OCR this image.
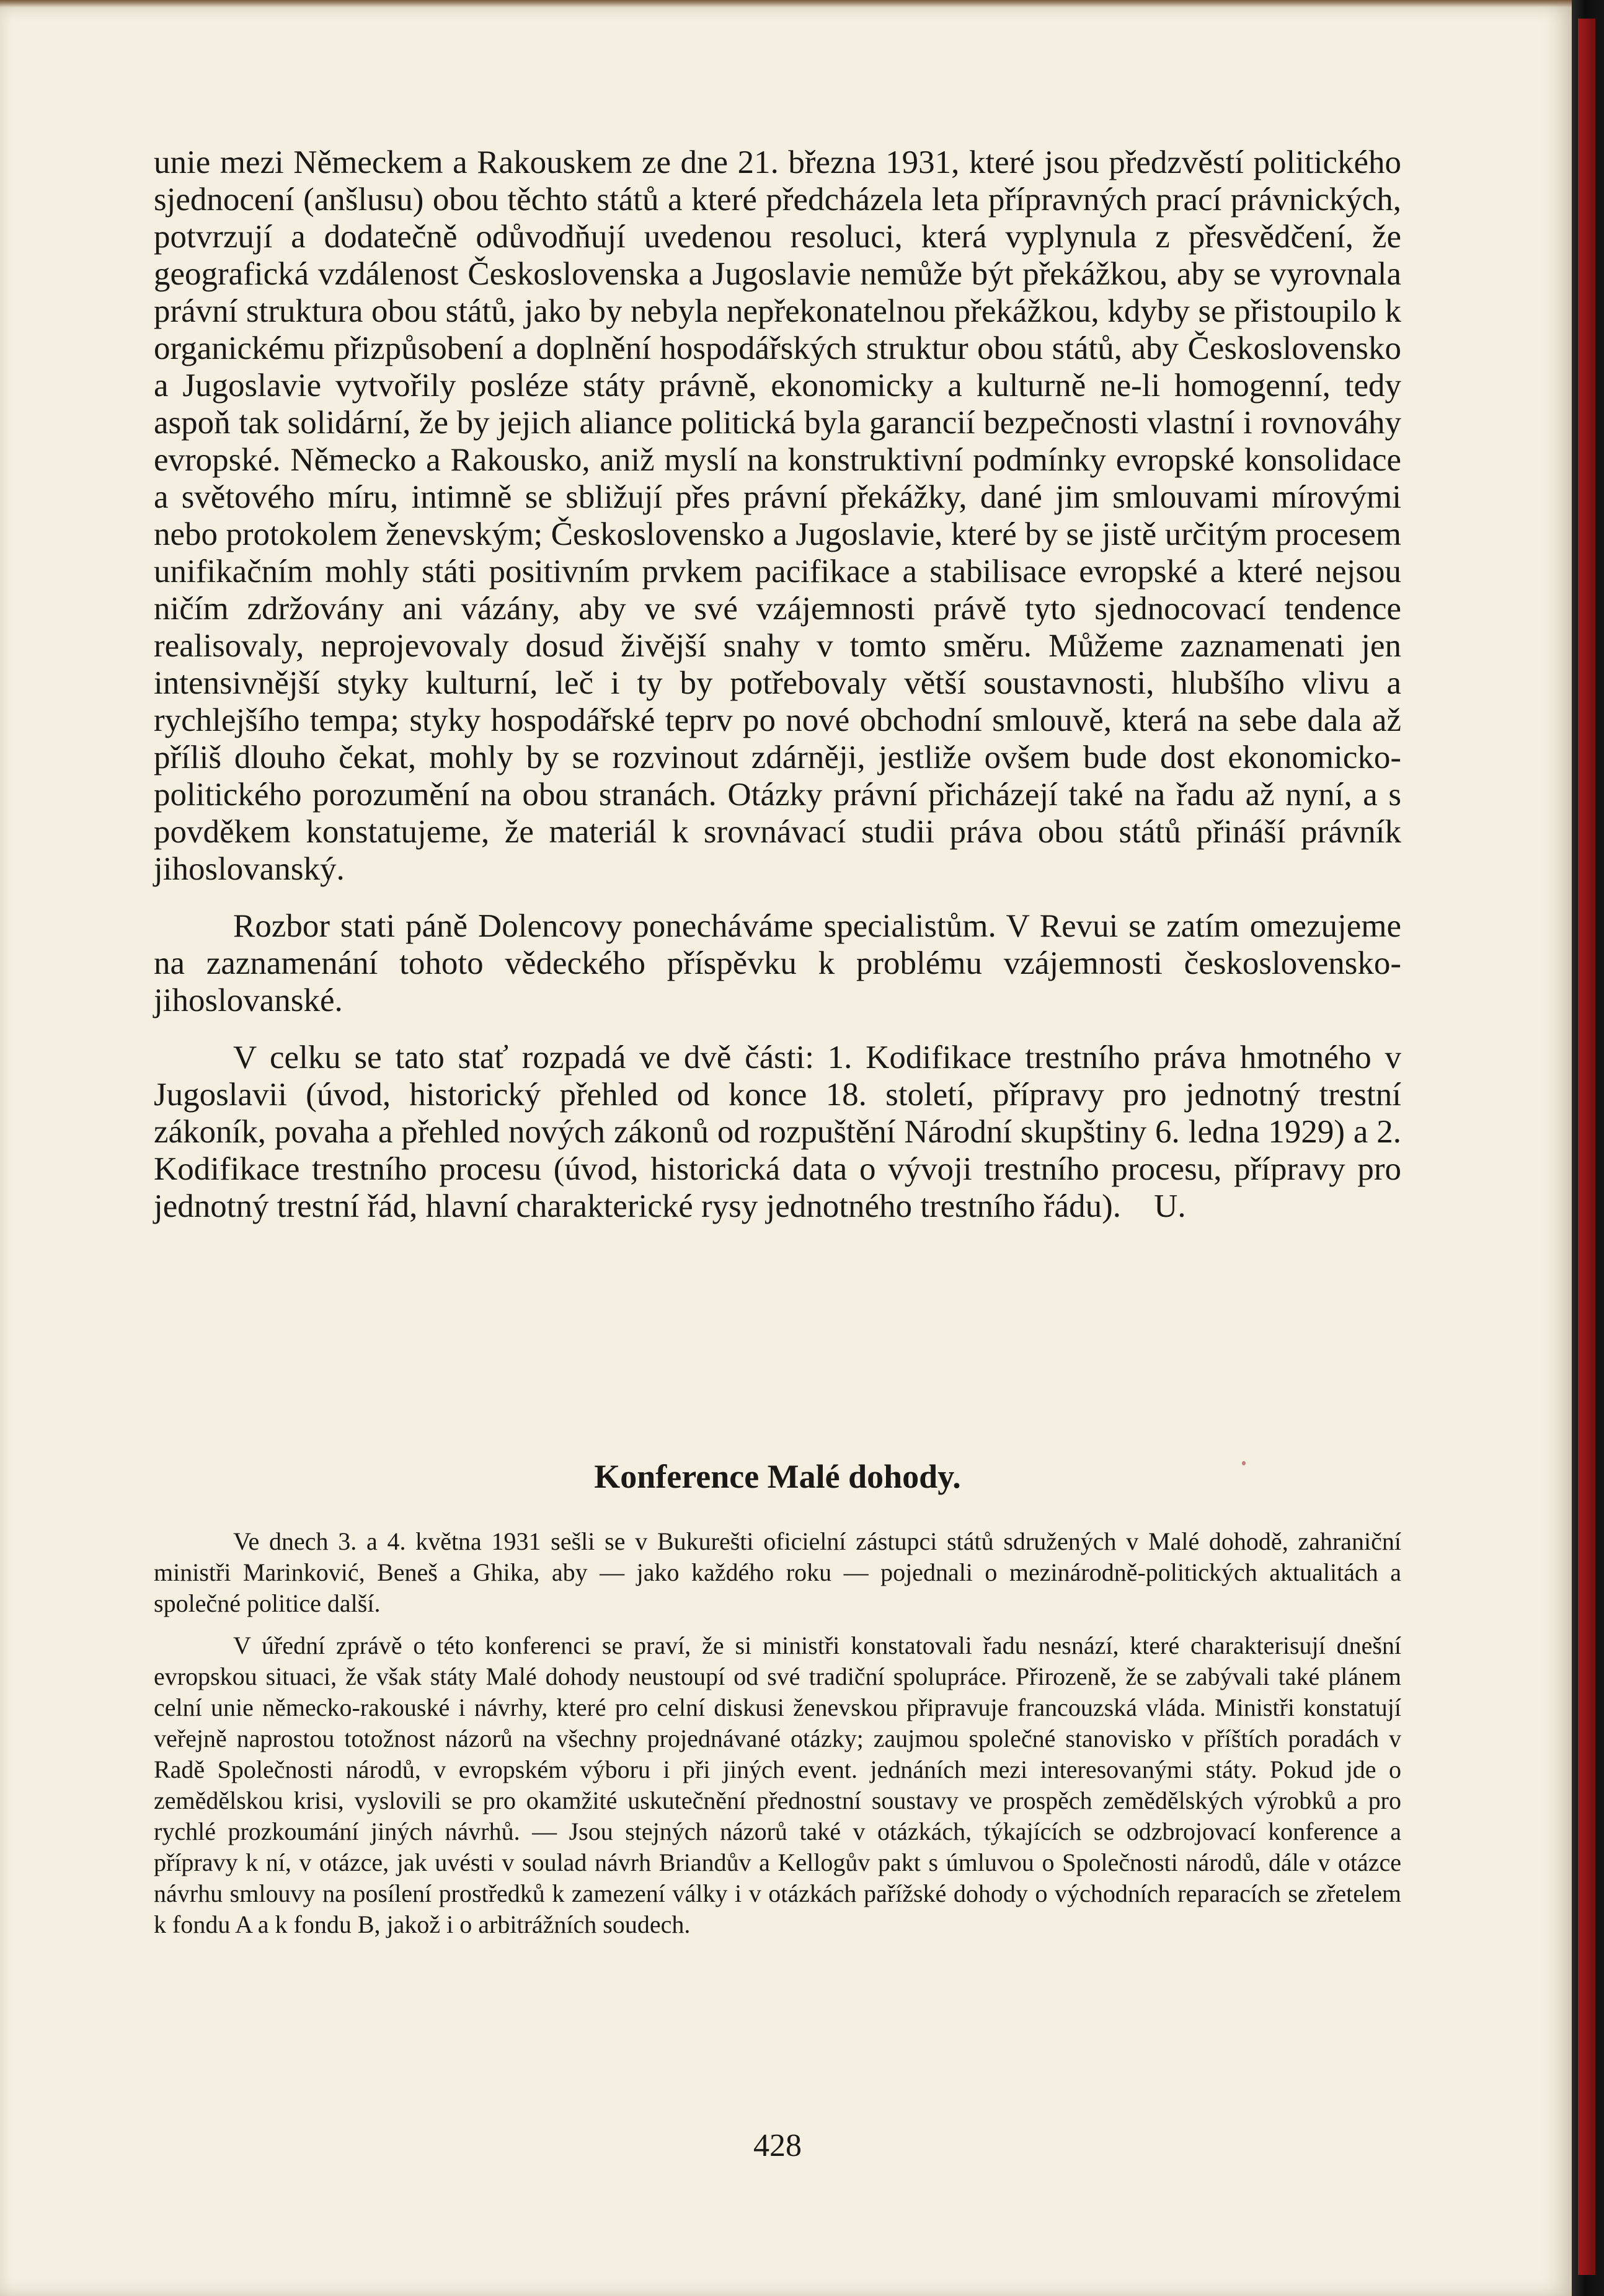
unie mezi Německem a Rakouskem ze dne 21. března 1931, které jsou předzvěstí politického sjednocení (anšlusu) obou těchto států a které předcházela leta přípravných prací právnických, potvrzují a dodatečně odůvodňují uvedenou resoluci, která vyplynula z přesvědčení, že geografická vzdálenost Československa a Jugoslavie nemůže být překážkou, aby se vyrovnala právní struktura obou států, jako by nebyla nepřekonatelnou překážkou, kdyby se přistoupilo k organickému přizpůsobení a doplnění hospodářských struktur obou států, aby Československo a Jugoslavie vytvořily posléze státy právně, ekonomicky a kulturně ne-li homogenní, tedy aspoň tak solidární, že by jejich aliance politická byla garancií bezpečnosti vlastní i rovnováhy evropské. Německo a Rakousko, aniž myslí na konstruktivní podmínky evropské konsolidace a světového míru, intimně se sbližují přes právní překážky, dané jim smlouvami mírovými nebo protokolem ženevským; Československo a Jugoslavie, které by se jistě určitým procesem unifikačním mohly státi positivním prvkem pacifikace a stabilisace evropské a které nejsou ničím zdržovány ani vázány, aby ve své vzájemnosti právě tyto sjednocovací tendence realisovaly, neprojevovaly dosud živější snahy v tomto směru. Můžeme zaznamenati jen intensivnější styky kulturní, leč i ty by potřebovaly větší soustavnosti, hlubšího vlivu a rychlejšího tempa; styky hospodářské teprv po nové obchodní smlouvě, která na sebe dala až příliš dlouho čekat, mohly by se rozvinout zdárněji, jestliže ovšem bude dost ekonomicko-politického porozumění na obou stranách. Otázky právní přicházejí také na řadu až nyní, a s povděkem konstatujeme, že materiál k srovnávací studii práva obou států přináší právník jihoslovanský.

Rozbor stati páně Dolencovy ponecháváme specialistům. V Revui se zatím omezujeme na zaznamenání tohoto vědeckého příspěvku k problému vzájemnosti československo-jihoslovanské.

V celku se tato stať rozpadá ve dvě části: 1. Kodifikace trestního práva hmotného v Jugoslavii (úvod, historický přehled od konce 18. století, přípravy pro jednotný trestní zákoník, povaha a přehled nových zákonů od rozpuštění Národní skupštiny 6. ledna 1929) a 2. Kodifikace trestního procesu (úvod, historická data o vývoji trestního procesu, přípravy pro jednotný trestní řád, hlavní charakterické rysy jednotného trestního řádu). U.

Konference Malé dohody.

Ve dnech 3. a 4. května 1931 sešli se v Bukurešti oficielní zástupci států sdružených v Malé dohodě, zahraniční ministři Marinković, Beneš a Ghika, aby — jako každého roku — pojednali o mezinárodně-politických aktualitách a společné politice další.

V úřední zprávě o této konferenci se praví, že si ministři konstatovali řadu nesnází, které charakterisují dnešní evropskou situaci, že však státy Malé dohody neustoupí od své tradiční spolupráce. Přirozeně, že se zabývali také plánem celní unie německo-rakouské i návrhy, které pro celní diskusi ženevskou připravuje francouzská vláda. Ministři konstatují veřejně naprostou totožnost názorů na všechny projednávané otázky; zaujmou společné stanovisko v příštích poradách v Radě Společnosti národů, v evropském výboru i při jiných event. jednáních mezi interesovanými státy. Pokud jde o zemědělskou krisi, vyslovili se pro okamžité uskutečnění přednostní soustavy ve prospěch zemědělských výrobků a pro rychlé prozkoumání jiných návrhů. — Jsou stejných názorů také v otázkách, týkajících se odzbrojovací konference a přípravy k ní, v otázce, jak uvésti v soulad návrh Briandův a Kellogův pakt s úmluvou o Společnosti národů, dále v otázce návrhu smlouvy na posílení prostředků k zamezení války i v otázkách pařížské dohody o východních reparacích se zřetelem k fondu A a k fondu B, jakož i o arbitrážních soudech.

428
